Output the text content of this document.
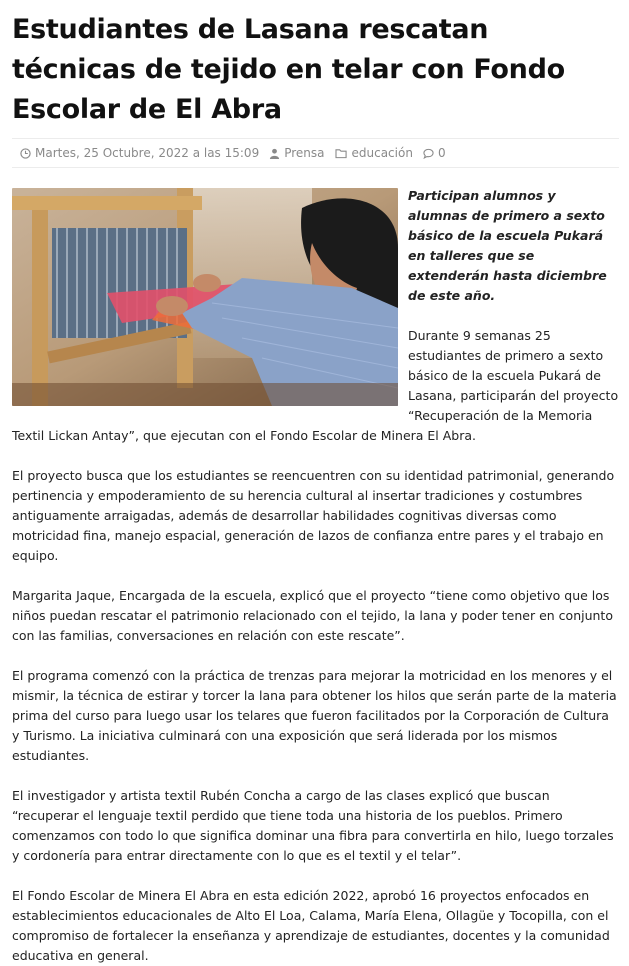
Estudiantes de Lasana rescatan técnicas de tejido en telar con Fondo Escolar de El Abra
Martes, 25 Octubre, 2022 a las 15:09 Prensa educación 0

Participan alumnos y alumnas de primero a sexto básico de la escuela Pukará en talleres que se extenderán hasta diciembre de este año.

Durante 9 semanas 25 estudiantes de primero a sexto básico de la escuela Pukará de Lasana, participarán del proyecto “Recuperación de la Memoria Textil Lickan Antay”, que ejecutan con el Fondo Escolar de Minera El Abra.

El proyecto busca que los estudiantes se reencuentren con su identidad patrimonial, generando pertinencia y empoderamiento de su herencia cultural al insertar tradiciones y costumbres antiguamente arraigadas, además de desarrollar habilidades cognitivas diversas como motricidad fina, manejo espacial, generación de lazos de confianza entre pares y el trabajo en equipo.

Margarita Jaque, Encargada de la escuela, explicó que el proyecto “tiene como objetivo que los niños puedan rescatar el patrimonio relacionado con el tejido, la lana y poder tener en conjunto con las familias, conversaciones en relación con este rescate”.

El programa comenzó con la práctica de trenzas para mejorar la motricidad en los menores y el mismir, la técnica de estirar y torcer la lana para obtener los hilos que serán parte de la materia prima del curso para luego usar los telares que fueron facilitados por la Corporación de Cultura y Turismo. La iniciativa culminará con una exposición que será liderada por los mismos estudiantes.

El investigador y artista textil Rubén Concha a cargo de las clases explicó que buscan “recuperar el lenguaje textil perdido que tiene toda una historia de los pueblos. Primero comenzamos con todo lo que significa dominar una fibra para convertirla en hilo, luego torzales y cordonería para entrar directamente con lo que es el textil y el telar”.

El Fondo Escolar de Minera El Abra en esta edición 2022, aprobó 16 proyectos enfocados en establecimientos educacionales de Alto El Loa, Calama, María Elena, Ollagüe y Tocopilla, con el compromiso de fortalecer la enseñanza y aprendizaje de estudiantes, docentes y la comunidad educativa en general.
